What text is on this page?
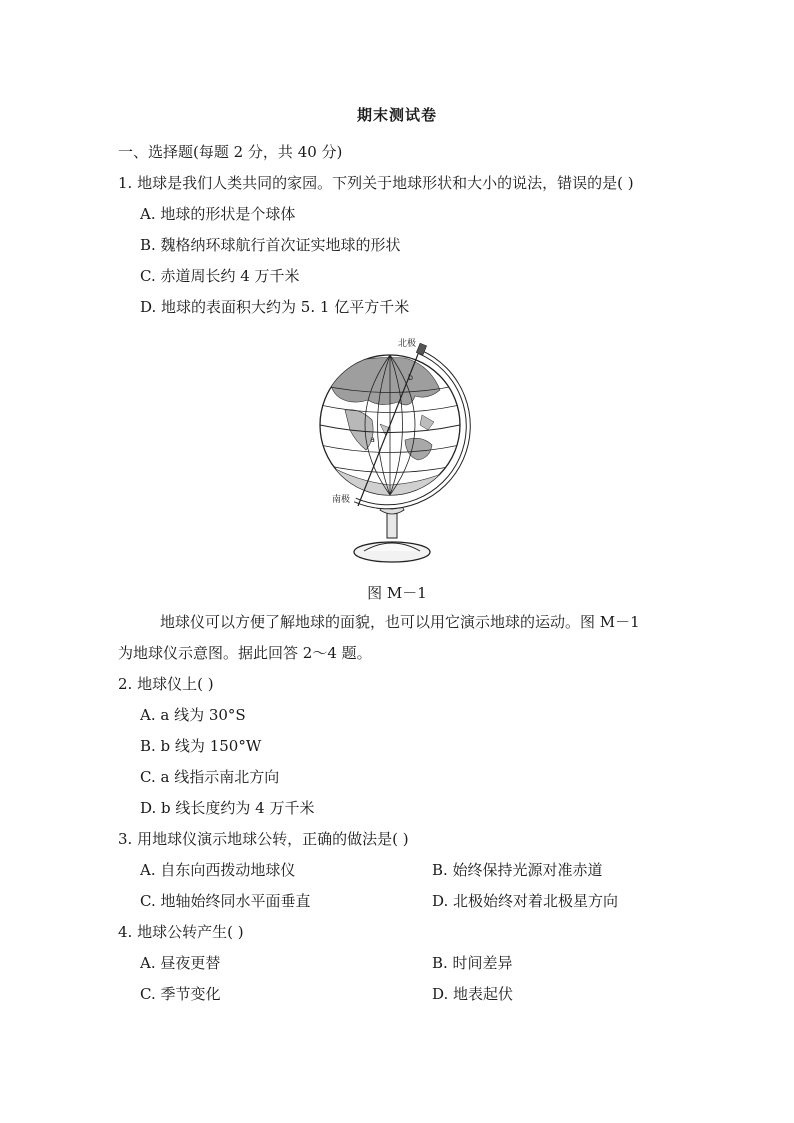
期末测试卷
一、选择题(每题 2 分，共 40 分)
1. 地球是我们人类共同的家园。下列关于地球形状和大小的说法，错误的是( )
A. 地球的形状是个球体
B. 魏格纳环球航行首次证实地球的形状
C. 赤道周长约 4 万千米
D. 地球的表面积大约为 5. 1 亿平方千米
北极
南极
a
b
图 M－1
地球仪可以方便了解地球的面貌，也可以用它演示地球的运动。图 M－1
为地球仪示意图。据此回答 2～4 题。
2. 地球仪上( )
A. a 线为 30°S
B. b 线为 150°W
C. a 线指示南北方向
D. b 线长度约为 4 万千米
3. 用地球仪演示地球公转，正确的做法是( )
A. 自东向西拨动地球仪	B. 始终保持光源对准赤道
C. 地轴始终同水平面垂直	D. 北极始终对着北极星方向
4. 地球公转产生( )
A. 昼夜更替	B. 时间差异
C. 季节变化	D. 地表起伏
